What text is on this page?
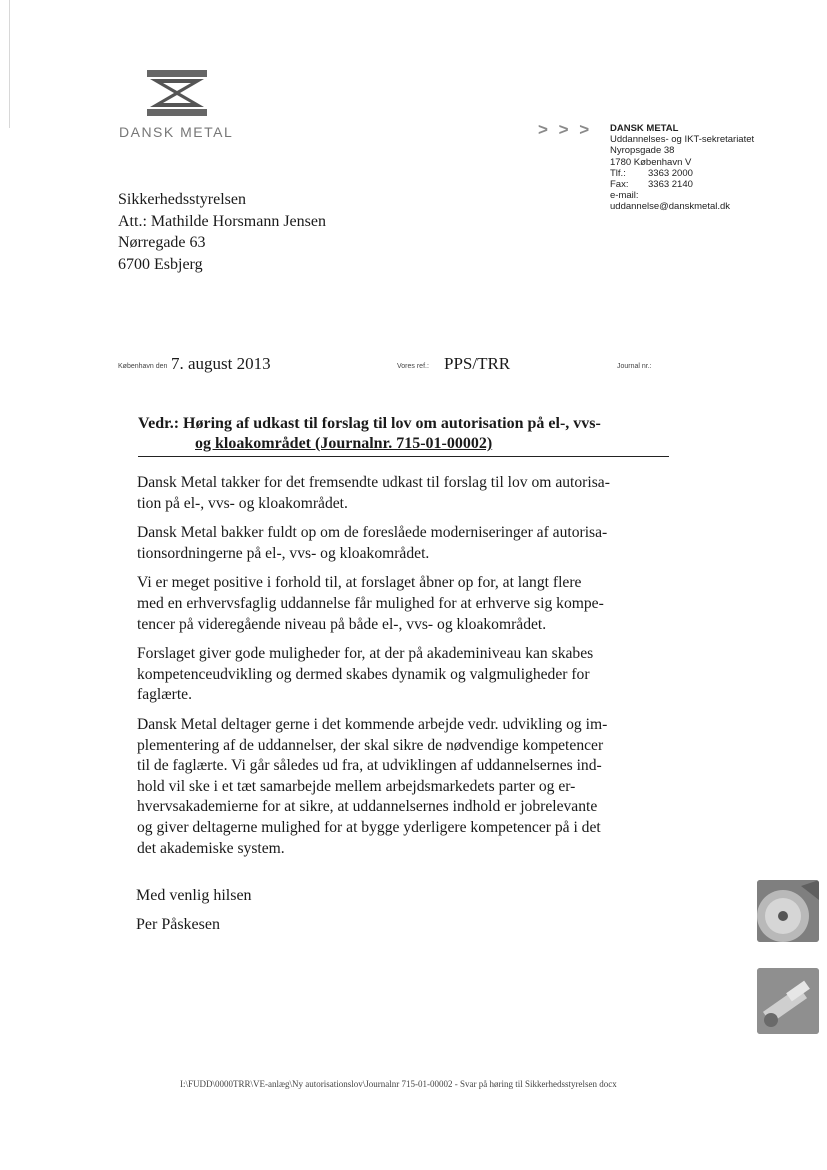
DANSK METAL	> > > DANSK METAL
Uddannelses- og IKT-sekretariatet
Nyropsgade 38
1780 København V
Tlf.: 3363 2000
Fax: 3363 2140
e-mail:
uddannelse@danskmetal.dk
Sikkerhedsstyrelsen
Att.: Mathilde Horsmann Jensen
Nørregade 63
6700 Esbjerg
København den 7. august 2013	Vores ref.: PPS/TRR	Journal nr.:
Vedr.: Høring af udkast til forslag til lov om autorisation på el-, vvs-
og kloakområdet (Journalnr. 715-01-00002)

Dansk Metal takker for det fremsendte udkast til forslag til lov om autorisa-
tion på el-, vvs- og kloakområdet.

Dansk Metal bakker fuldt op om de foreslåede moderniseringer af autorisa-
tionsordningerne på el-, vvs- og kloakområdet.

Vi er meget positive i forhold til, at forslaget åbner op for, at langt flere
med en erhvervsfaglig uddannelse får mulighed for at erhverve sig kompe-
tencer på videregående niveau på både el-, vvs- og kloakområdet.

Forslaget giver gode muligheder for, at der på akademiniveau kan skabes
kompetenceudvikling og dermed skabes dynamik og valgmuligheder for
faglærte.

Dansk Metal deltager gerne i det kommende arbejde vedr. udvikling og im-
plementering af de uddannelser, der skal sikre de nødvendige kompetencer
til de faglærte. Vi går således ud fra, at udviklingen af uddannelsernes ind-
hold vil ske i et tæt samarbejde mellem arbejdsmarkedets parter og er-
hvervsakademierne for at sikre, at uddannelsernes indhold er jobrelevante
og giver deltagerne mulighed for at bygge yderligere kompetencer på i det
det akademiske system.

Med venlig hilsen
Per Påskesen
I:\FUDD\0000TRR\VE-anlæg\Ny autorisationslov\Journalnr 715-01-00002 - Svar på høring til Sikkerhedsstyrelsen docx
